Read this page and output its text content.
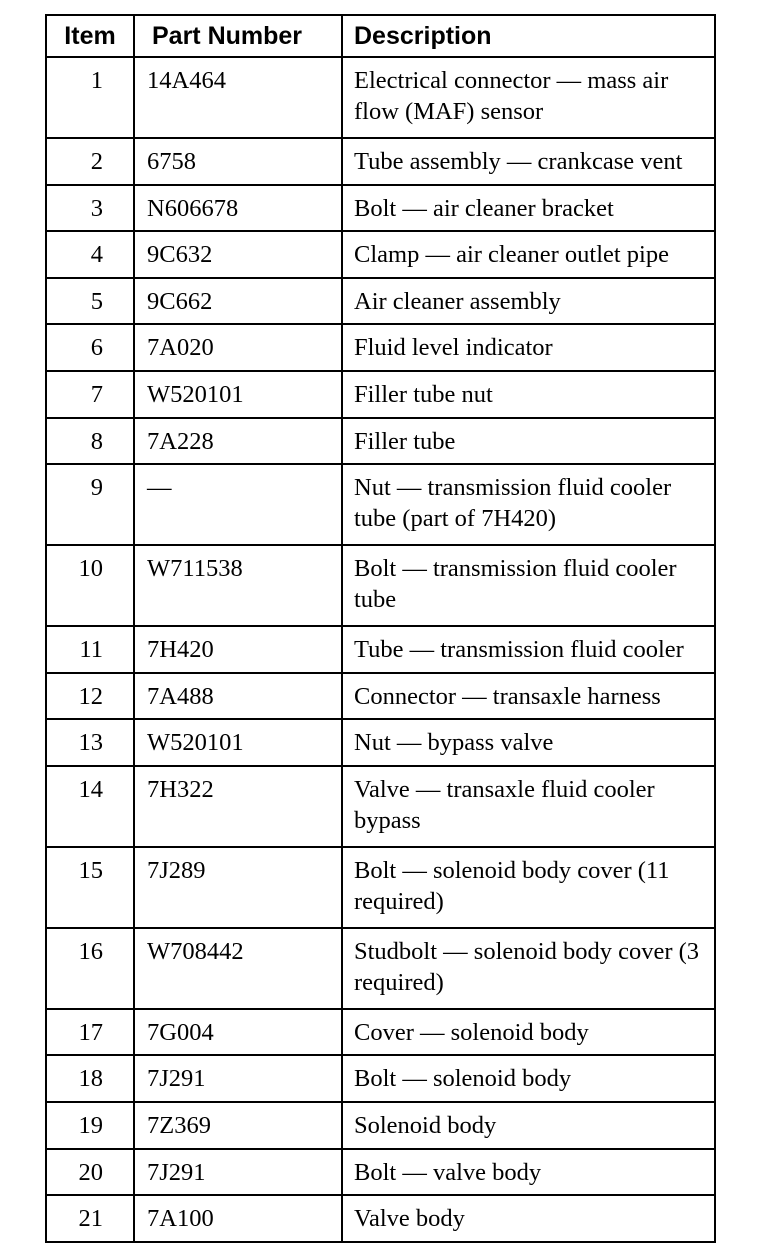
Item	Part Number	Description
1	14A464	Electrical connector — mass air flow (MAF) sensor
2	6758	Tube assembly — crankcase vent
3	N606678	Bolt — air cleaner bracket
4	9C632	Clamp — air cleaner outlet pipe
5	9C662	Air cleaner assembly
6	7A020	Fluid level indicator
7	W520101	Filler tube nut
8	7A228	Filler tube
9	—	Nut — transmission fluid cooler tube (part of 7H420)
10	W711538	Bolt — transmission fluid cooler tube
11	7H420	Tube — transmission fluid cooler
12	7A488	Connector — transaxle harness
13	W520101	Nut — bypass valve
14	7H322	Valve — transaxle fluid cooler bypass
15	7J289	Bolt — solenoid body cover (11 required)
16	W708442	Studbolt — solenoid body cover (3 required)
17	7G004	Cover — solenoid body
18	7J291	Bolt — solenoid body
19	7Z369	Solenoid body
20	7J291	Bolt — valve body
21	7A100	Valve body
